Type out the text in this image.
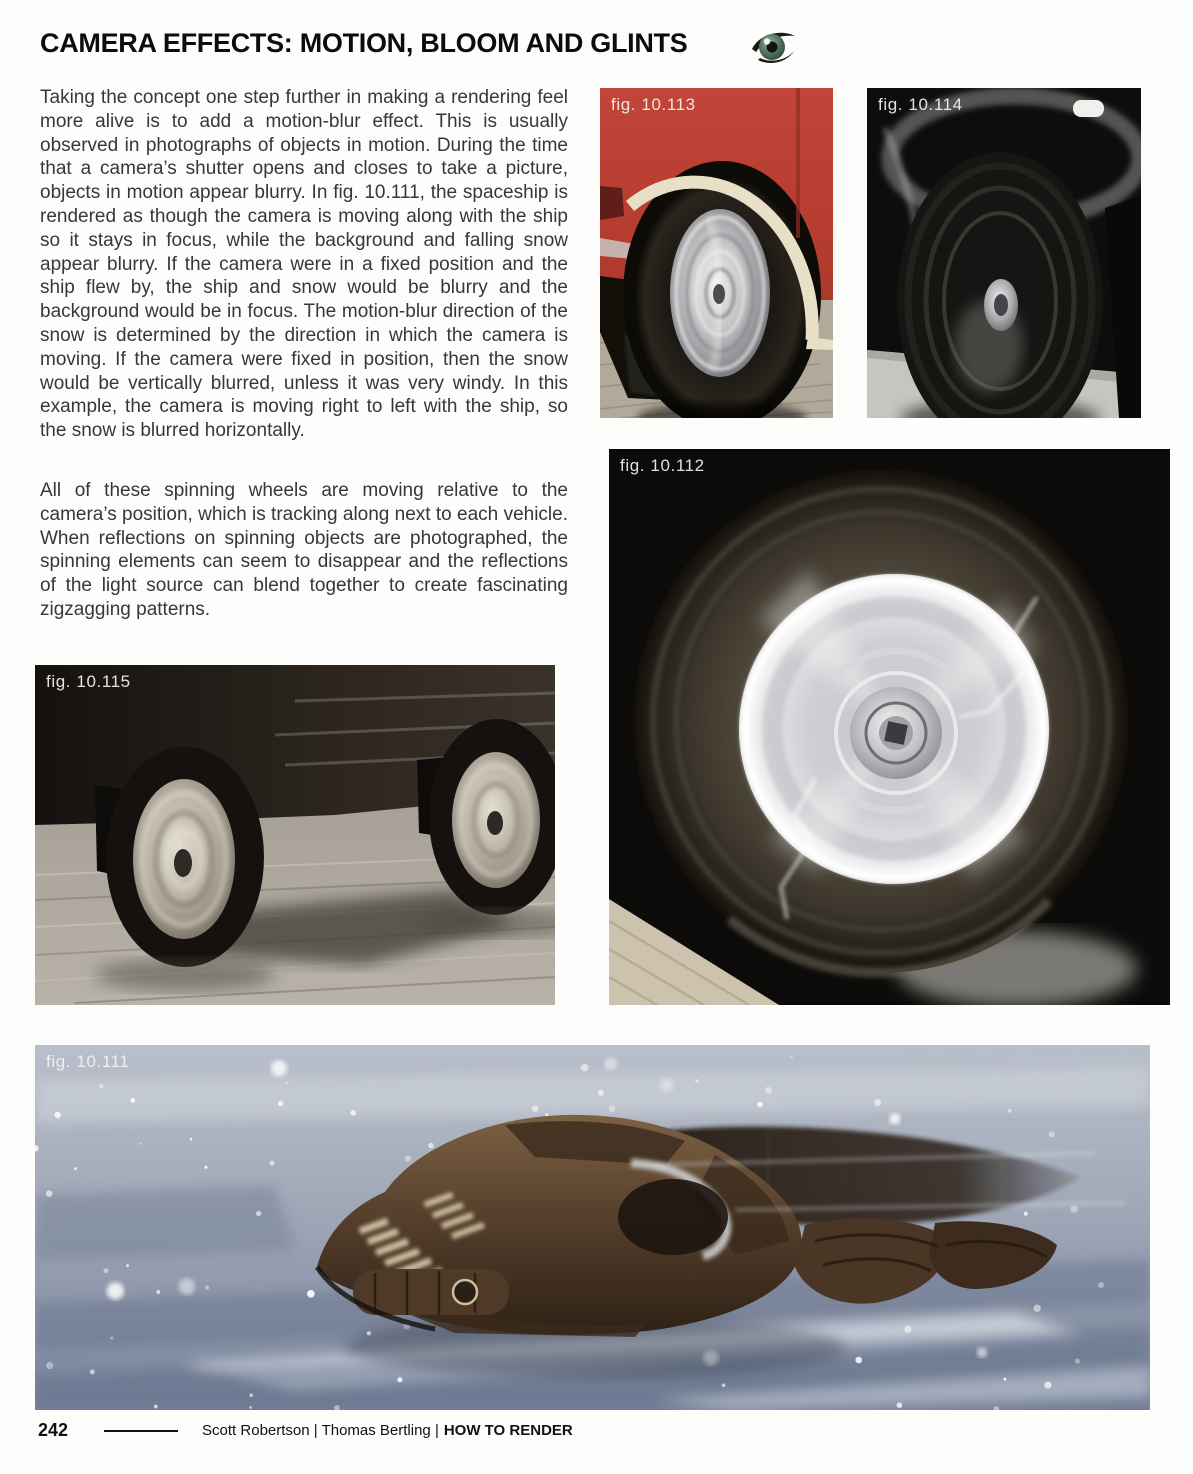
CAMERA EFFECTS: MOTION, BLOOM AND GLINTS

Taking the concept one step further in making a rendering feel more alive is to add a motion-blur effect. This is usually observed in photographs of objects in motion. During the time that a camera’s shutter opens and closes to take a picture, objects in motion appear blurry. In fig. 10.111, the spaceship is rendered as though the camera is moving along with the ship so it stays in focus, while the background and falling snow appear blurry. If the camera were in a fixed position and the ship flew by, the ship and snow would be blurry and the background would be in focus. The motion-blur direction of the snow is determined by the direction in which the camera is moving. If the camera were fixed in position, then the snow would be vertically blurred, unless it was very windy. In this example, the camera is moving right to left with the ship, so the snow is blurred horizontally.

All of these spinning wheels are moving relative to the camera’s position, which is tracking along next to each vehicle. When reflections on spinning objects are photographed, the spinning elements can seem to disappear and the reflections of the light source can blend together to create fascinating zigzagging patterns.

fig. 10.113	fig. 10.114
fig. 10.112
fig. 10.115
fig. 10.111
242	Scott Robertson | Thomas Bertling | HOW TO RENDER
